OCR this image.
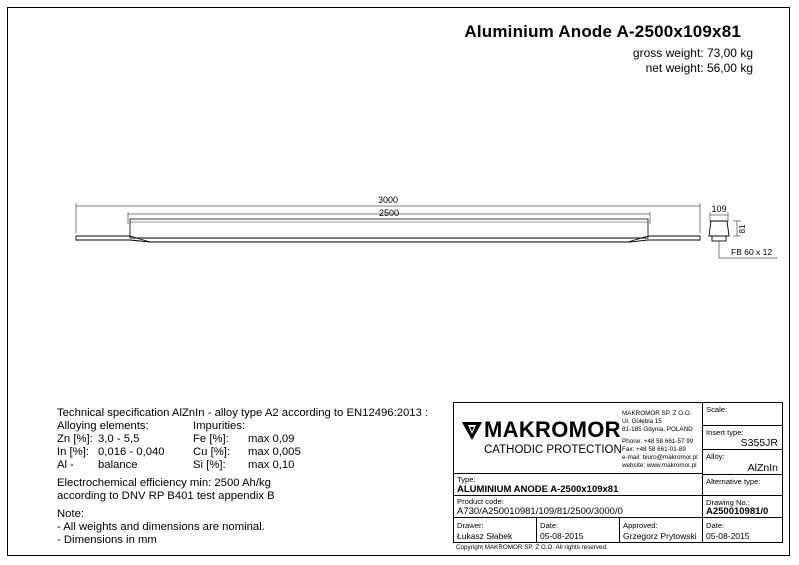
Aluminium Anode A-2500x109x81
gross weight: 73,00 kg
net weight: 56,00 kg
3000
2500	109
81
FB 60 x 12
Technical specification AlZnIn - alloy type A2 according to EN12496:2013 :
Alloying elements:	Impurities:
Zn [%]: 3,0 - 5,5
In [%]: 0,016 - 0,040
Al - balance
Fe [%]: max 0,09
Cu [%]: max 0,005
Si [%]: max 0,10
Electrochemical efficiency min: 2500 Ah/kg
according to DNV RP B401 test appendix B
Note:
- All weights and dimensions are nominal.
- Dimensions in mm
MAKROMOR
CATHODIC PROTECTION
MAKROMOR SP. Z O.O.
Ul. Gołębia 15
81-185 Gdynia, POLAND
Phone: +48 58 661-57 99
Fax: +48 58 661-01-89
e-mail: biuro@makromor.pl
website: www.makromor.pl
Scale:
Insert type:
S355JR
Alloy:
AlZnIn
Type:
ALUMINIUM ANODE A-2500x109x81
Alternative type:
Product code:
A730/A250010981/109/81/2500/3000/0
Drawing No.:
A250010981/0
Drawer:
Łukasz Słabek
Date:
05-08-2015
Approved:
Grzegorz Prytowski
Date:
05-08-2015
Copyright MAKROMOR SP. Z O.O. All rights reserved.
